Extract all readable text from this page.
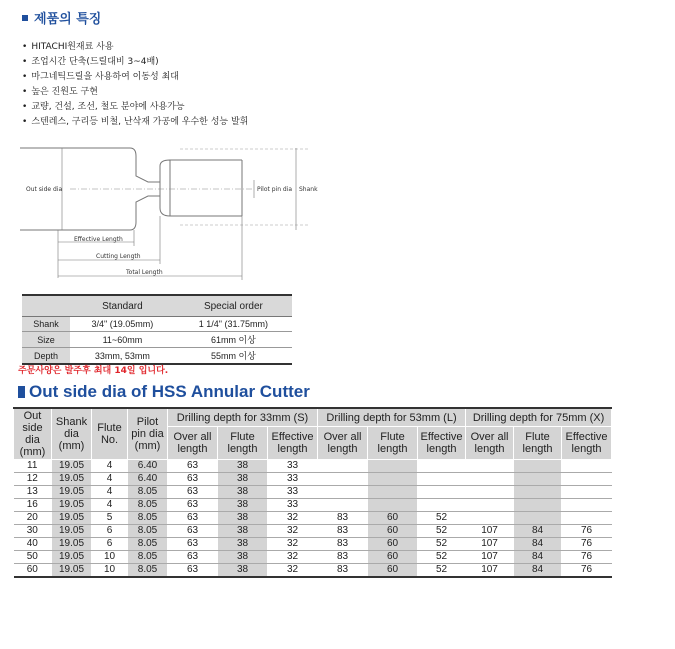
제품의 특징
• HITACHI원재료 사용
• 조업시간 단축(드릴대비 3~4배)
• 마그네틱드릴을 사용하여 이동성 최대
• 높은 진원도 구현
• 교량, 건설, 조선, 철도 분야에 사용가능
• 스텐레스, 구리등 비철, 난삭재 가공에 우수한 성능 발휘
Out side dia	Pilot pin dia Shank
Effective Length
Cutting Length
Total Length
	Standard	Special order
Shank	3/4" (19.05mm)	1 1/4" (31.75mm)
Size	11~60mm	61mm 이상
Depth	33mm, 53mm	55mm 이상
주문사양은 발주후 최대 14일 입니다.
Out side dia of HSS Annular Cutter
Out side dia (mm)	Shank dia (mm)	Flute No.	Pilot pin dia (mm)	Drilling depth for 33mm (S)			Drilling depth for 53mm (L)			Drilling depth for 75mm (X)		
				Over all length	Flute length	Effective length	Over all length	Flute length	Effective length	Over all length	Flute length	Effective length
11	19.05	4	6.40	63	38	33						
12	19.05	4	6.40	63	38	33						
13	19.05	4	8.05	63	38	33						
16	19.05	4	8.05	63	38	33						
20	19.05	5	8.05	63	38	32	83	60	52			
30	19.05	6	8.05	63	38	32	83	60	52	107	84	76
40	19.05	6	8.05	63	38	32	83	60	52	107	84	76
50	19.05	10	8.05	63	38	32	83	60	52	107	84	76
60	19.05	10	8.05	63	38	32	83	60	52	107	84	76
